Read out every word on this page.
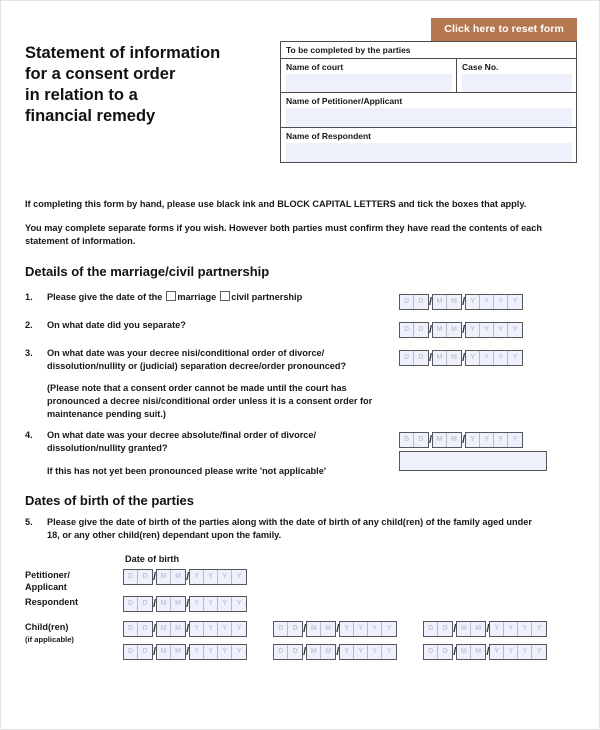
Click here to reset form
Statement of information
for a consent order
in relation to a
financial remedy
To be completed by the parties
Name of court	Case No.
Name of Petitioner/Applicant
Name of Respondent
If completing this form by hand, please use black ink and BLOCK CAPITAL LETTERS and tick the boxes that apply.
You may complete separate forms if you wish. However both parties must confirm they have read the contents of each statement of information.
Details of the marriage/civil partnership
1.	Please give the date of the marriage civil partnership	D	D / M	M / Y	Y	Y	Y
2.	On what date did you separate?	D	D / M	M / Y	Y	Y	Y
3.	On what date was your decree nisi/conditional order of divorce/ dissolution/nullity or (judicial) separation decree/order pronounced?
(Please note that a consent order cannot be made until the court has pronounced a decree nisi/conditional order unless it is a consent order for maintenance pending suit.)
D	D / M	M / Y	Y	Y	Y
4.	On what date was your decree absolute/final order of divorce/ dissolution/nullity granted?
If this has not yet been pronounced please write 'not applicable'
D	D / M	M / Y	Y	Y	Y
Dates of birth of the parties
5.	Please give the date of birth of the parties along with the date of birth of any child(ren) of the family aged under 18, or any other child(ren) dependant upon the family.
Date of birth
Petitioner/
Applicant
D	D / M	M / Y	Y	Y	Y
Respondent	D	D / M	M / Y	Y	Y	Y
Child(ren)
(if applicable)
D	D / M	M / Y	Y	Y	Y	D	D / M	M / Y	Y	Y	Y	D	D / M	M / Y	Y	Y	Y
D	D / M	M / Y	Y	Y	Y	D	D / M	M / Y	Y	Y	Y	D	D / M	M / Y	Y	Y	Y
